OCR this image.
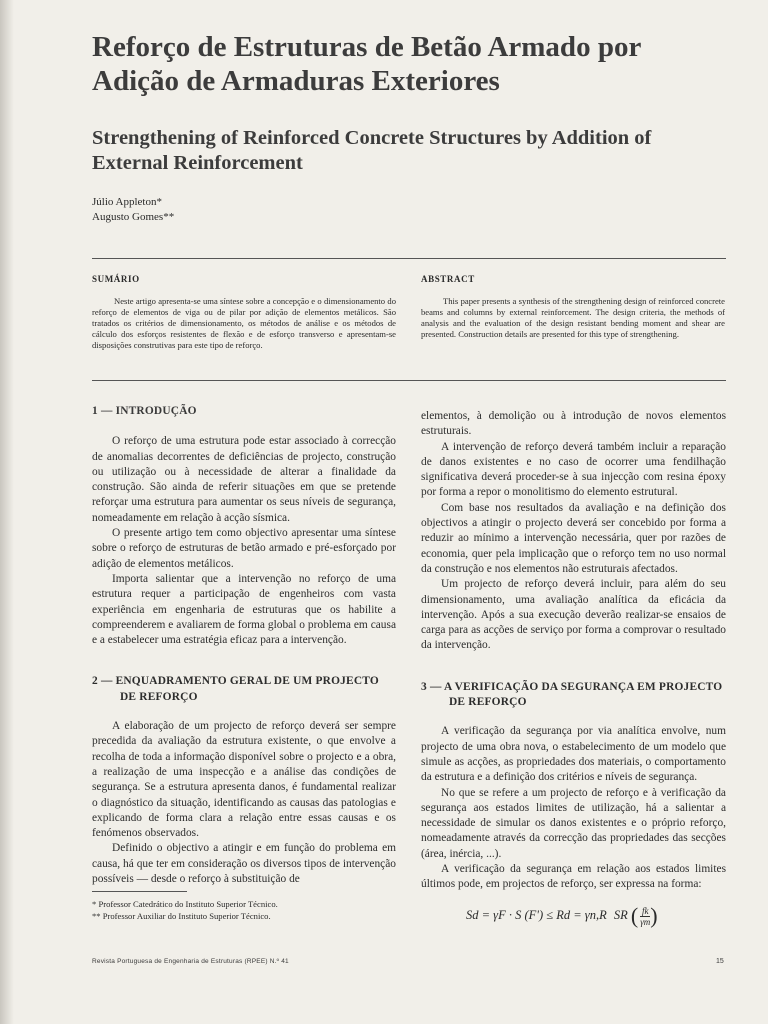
Reforço de Estruturas de Betão Armado por
Adição de Armaduras Exteriores
Strengthening of Reinforced Concrete Structures by Addition of
External Reinforcement
Júlio Appleton*
Augusto Gomes**
SUMÁRIO

Neste artigo apresenta-se uma síntese sobre a concepção e o dimensionamento do reforço de elementos de viga ou de pilar por adição de elementos metálicos. São tratados os critérios de dimensionamento, os métodos de análise e os métodos de cálculo dos esforços resistentes de flexão e de esforço transverso e apresentam-se disposições construtivas para este tipo de reforço.

ABSTRACT

This paper presents a synthesis of the strengthening design of reinforced concrete beams and columns by external reinforcement. The design criteria, the methods of analysis and the evaluation of the design resistant bending moment and shear are presented. Construction details are presented for this type of strengthening.

1 — INTRODUÇÃO

O reforço de uma estrutura pode estar associado à correcção de anomalias decorrentes de deficiências de projecto, construção ou utilização ou à necessidade de alterar a finalidade da construção. São ainda de referir situações em que se pretende reforçar uma estrutura para aumentar os seus níveis de segurança, nomeadamente em relação à acção sísmica.

O presente artigo tem como objectivo apresentar uma síntese sobre o reforço de estruturas de betão armado e pré-esforçado por adição de elementos metálicos.

Importa salientar que a intervenção no reforço de uma estrutura requer a participação de engenheiros com vasta experiência em engenharia de estruturas que os habilite a compreenderem e avaliarem de forma global o problema em causa e a estabelecer uma estratégia eficaz para a intervenção.

2 — ENQUADRAMENTO GERAL DE UM PROJECTO DE REFORÇO

A elaboração de um projecto de reforço deverá ser sempre precedida da avaliação da estrutura existente, o que envolve a recolha de toda a informação disponível sobre o projecto e a obra, a realização de uma inspecção e a análise das condições de segurança. Se a estrutura apresenta danos, é fundamental realizar o diagnóstico da situação, identificando as causas das patologias e explicando de forma clara a relação entre essas causas e os fenómenos observados.

Definido o objectivo a atingir e em função do problema em causa, há que ter em consideração os diversos tipos de intervenção possíveis — desde o reforço à substituição de

elementos, à demolição ou à introdução de novos elementos estruturais.

A intervenção de reforço deverá também incluir a reparação de danos existentes e no caso de ocorrer uma fendilhação significativa deverá proceder-se à sua injecção com resina époxy por forma a repor o monolitismo do elemento estrutural.

Com base nos resultados da avaliação e na definição dos objectivos a atingir o projecto deverá ser concebido por forma a reduzir ao mínimo a intervenção necessária, quer por razões de economia, quer pela implicação que o reforço tem no uso normal da construção e nos elementos não estruturais afectados.

Um projecto de reforço deverá incluir, para além do seu dimensionamento, uma avaliação analítica da eficácia da intervenção. Após a sua execução deverão realizar-se ensaios de carga para as acções de serviço por forma a comprovar o resultado da intervenção.

3 — A VERIFICAÇÃO DA SEGURANÇA EM PROJECTO DE REFORÇO

A verificação da segurança por via analítica envolve, num projecto de uma obra nova, o estabelecimento de um modelo que simule as acções, as propriedades dos materiais, o comportamento da estrutura e a definição dos critérios e níveis de segurança.

No que se refere a um projecto de reforço e à verificação da segurança aos estados limites de utilização, há a salientar a necessidade de simular os danos existentes e o próprio reforço, nomeadamente através da correcção das propriedades das secções (área, inércia, ...).

A verificação da segurança em relação aos estados limites últimos pode, em projectos de reforço, ser expressa na forma:

Sd = γF · S (F') ≤ Rd = γn,R SR ( $\frac{fk}{\gamma m}$ )
* Professor Catedrático do Instituto Superior Técnico.
** Professor Auxiliar do Instituto Superior Técnico.
Revista Portuguesa de Engenharia de Estruturas (RPEE) N.º 41	15
